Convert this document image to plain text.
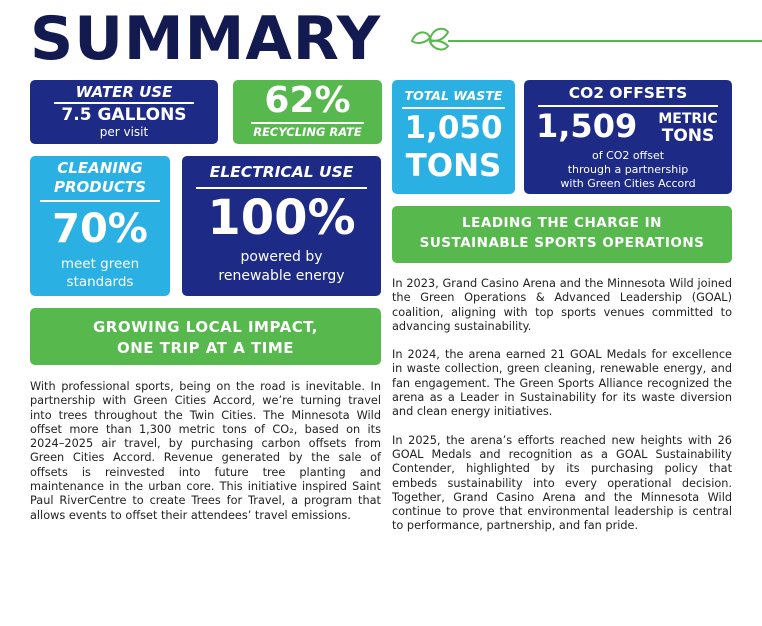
SUMMARY
WATER USE
7.5 GALLONS
per visit
62%
RECYCLING RATE
TOTAL WASTE
1,050
TONS
CO2 OFFSETS
1,509	METRIC
TONS
of CO2 offset
through a partnership
with Green Cities Accord
CLEANING
PRODUCTS
70%
meet green
standards
ELECTRICAL USE
100%
powered by
renewable energy
LEADING THE CHARGE IN
SUSTAINABLE SPORTS OPERATIONS
GROWING LOCAL IMPACT,
ONE TRIP AT A TIME

In 2023, Grand Casino Arena and the Minnesota Wild joined the Green Operations & Advanced Leadership (GOAL) coalition, aligning with top sports venues committed to advancing sustainability.

In 2024, the arena earned 21 GOAL Medals for excellence in waste collection, green cleaning, renewable energy, and fan engagement. The Green Sports Alliance recognized the arena as a Leader in Sustainability for its waste diversion and clean energy initiatives.

In 2025, the arena’s efforts reached new heights with 26 GOAL Medals and recognition as a GOAL Sustainability Contender, highlighted by its purchasing policy that embeds sustainability into every operational decision. Together, Grand Casino Arena and the Minnesota Wild continue to prove that environmental leadership is central to performance, partnership, and fan pride.

With professional sports, being on the road is inevitable. In partnership with Green Cities Accord, we’re turning travel into trees throughout the Twin Cities. The Minnesota Wild offset more than 1,300 metric tons of CO₂, based on its 2024–2025 air travel, by purchasing carbon offsets from Green Cities Accord. Revenue generated by the sale of offsets is reinvested into future tree planting and maintenance in the urban core. This initiative inspired Saint Paul RiverCentre to create Trees for Travel, a program that allows events to offset their attendees’ travel emissions.
